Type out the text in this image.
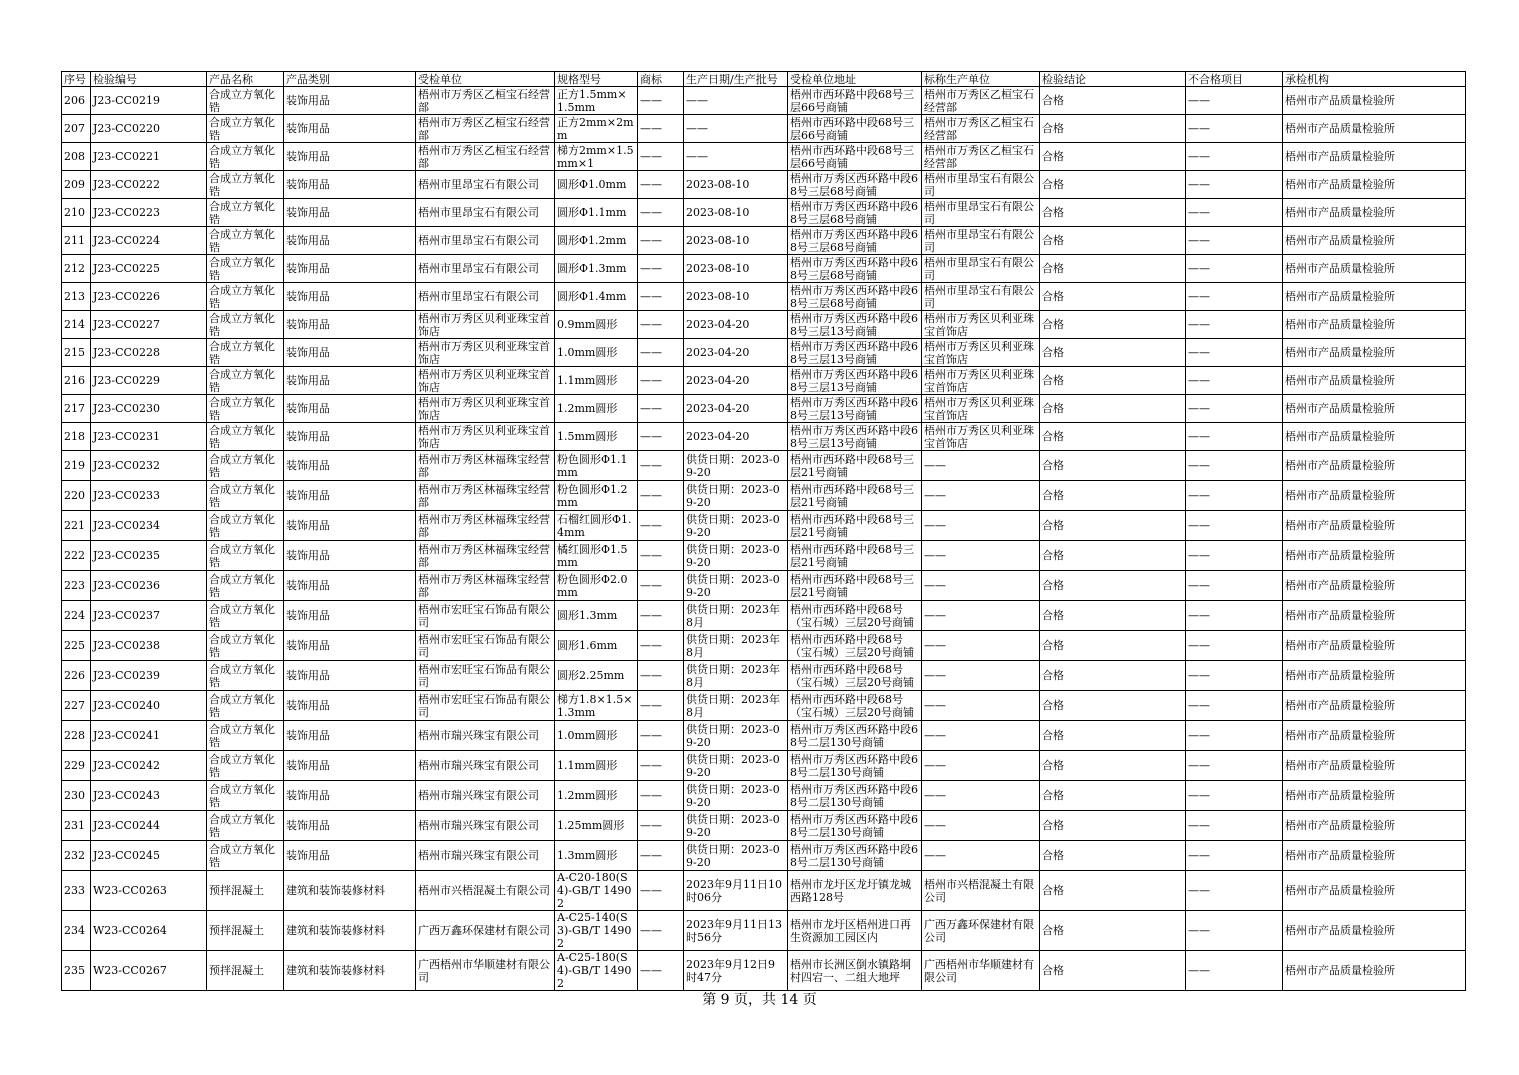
序号	检验编号	产品名称	产品类别	受检单位	规格型号	商标	生产日期/生产批号	受检单位地址	标称生产单位	检验结论	不合格项目	承检机构
206	J23-CC0219	合成立方氧化锆	装饰用品	梧州市万秀区乙桓宝石经营部	正方1.5mm×1.5mm	——	——	梧州市西环路中段68号三层66号商铺	梧州市万秀区乙桓宝石经营部	合格	——	梧州市产品质量检验所
207	J23-CC0220	合成立方氧化锆	装饰用品	梧州市万秀区乙桓宝石经营部	正方2mm×2mm	——	——	梧州市西环路中段68号三层66号商铺	梧州市万秀区乙桓宝石经营部	合格	——	梧州市产品质量检验所
208	J23-CC0221	合成立方氧化锆	装饰用品	梧州市万秀区乙桓宝石经营部	梯方2mm×1.5mm×1	——	——	梧州市西环路中段68号三层66号商铺	梧州市万秀区乙桓宝石经营部	合格	——	梧州市产品质量检验所
209	J23-CC0222	合成立方氧化锆	装饰用品	梧州市里昂宝石有限公司	圆形Φ1.0mm	——	2023-08-10	梧州市万秀区西环路中段68号三层68号商铺	梧州市里昂宝石有限公司	合格	——	梧州市产品质量检验所
210	J23-CC0223	合成立方氧化锆	装饰用品	梧州市里昂宝石有限公司	圆形Φ1.1mm	——	2023-08-10	梧州市万秀区西环路中段68号三层68号商铺	梧州市里昂宝石有限公司	合格	——	梧州市产品质量检验所
211	J23-CC0224	合成立方氧化锆	装饰用品	梧州市里昂宝石有限公司	圆形Φ1.2mm	——	2023-08-10	梧州市万秀区西环路中段68号三层68号商铺	梧州市里昂宝石有限公司	合格	——	梧州市产品质量检验所
212	J23-CC0225	合成立方氧化锆	装饰用品	梧州市里昂宝石有限公司	圆形Φ1.3mm	——	2023-08-10	梧州市万秀区西环路中段68号三层68号商铺	梧州市里昂宝石有限公司	合格	——	梧州市产品质量检验所
213	J23-CC0226	合成立方氧化锆	装饰用品	梧州市里昂宝石有限公司	圆形Φ1.4mm	——	2023-08-10	梧州市万秀区西环路中段68号三层68号商铺	梧州市里昂宝石有限公司	合格	——	梧州市产品质量检验所
214	J23-CC0227	合成立方氧化锆	装饰用品	梧州市万秀区贝利亚珠宝首饰店	0.9mm圆形	——	2023-04-20	梧州市万秀区西环路中段68号三层13号商铺	梧州市万秀区贝利亚珠宝首饰店	合格	——	梧州市产品质量检验所
215	J23-CC0228	合成立方氧化锆	装饰用品	梧州市万秀区贝利亚珠宝首饰店	1.0mm圆形	——	2023-04-20	梧州市万秀区西环路中段68号三层13号商铺	梧州市万秀区贝利亚珠宝首饰店	合格	——	梧州市产品质量检验所
216	J23-CC0229	合成立方氧化锆	装饰用品	梧州市万秀区贝利亚珠宝首饰店	1.1mm圆形	——	2023-04-20	梧州市万秀区西环路中段68号三层13号商铺	梧州市万秀区贝利亚珠宝首饰店	合格	——	梧州市产品质量检验所
217	J23-CC0230	合成立方氧化锆	装饰用品	梧州市万秀区贝利亚珠宝首饰店	1.2mm圆形	——	2023-04-20	梧州市万秀区西环路中段68号三层13号商铺	梧州市万秀区贝利亚珠宝首饰店	合格	——	梧州市产品质量检验所
218	J23-CC0231	合成立方氧化锆	装饰用品	梧州市万秀区贝利亚珠宝首饰店	1.5mm圆形	——	2023-04-20	梧州市万秀区西环路中段68号三层13号商铺	梧州市万秀区贝利亚珠宝首饰店	合格	——	梧州市产品质量检验所
219	J23-CC0232	合成立方氧化锆	装饰用品	梧州市万秀区林福珠宝经营部	粉色圆形Φ1.1mm	——	供货日期：2023-09-20	梧州市西环路中段68号三层21号商铺	——	合格	——	梧州市产品质量检验所
220	J23-CC0233	合成立方氧化锆	装饰用品	梧州市万秀区林福珠宝经营部	粉色圆形Φ1.2mm	——	供货日期：2023-09-20	梧州市西环路中段68号三层21号商铺	——	合格	——	梧州市产品质量检验所
221	J23-CC0234	合成立方氧化锆	装饰用品	梧州市万秀区林福珠宝经营部	石榴红圆形Φ1.4mm	——	供货日期：2023-09-20	梧州市西环路中段68号三层21号商铺	——	合格	——	梧州市产品质量检验所
222	J23-CC0235	合成立方氧化锆	装饰用品	梧州市万秀区林福珠宝经营部	橘红圆形Φ1.5mm	——	供货日期：2023-09-20	梧州市西环路中段68号三层21号商铺	——	合格	——	梧州市产品质量检验所
223	J23-CC0236	合成立方氧化锆	装饰用品	梧州市万秀区林福珠宝经营部	粉色圆形Φ2.0mm	——	供货日期：2023-09-20	梧州市西环路中段68号三层21号商铺	——	合格	——	梧州市产品质量检验所
224	J23-CC0237	合成立方氧化锆	装饰用品	梧州市宏旺宝石饰品有限公司	圆形1.3mm	——	供货日期：2023年8月	梧州市西环路中段68号（宝石城）三层20号商铺	——	合格	——	梧州市产品质量检验所
225	J23-CC0238	合成立方氧化锆	装饰用品	梧州市宏旺宝石饰品有限公司	圆形1.6mm	——	供货日期：2023年8月	梧州市西环路中段68号（宝石城）三层20号商铺	——	合格	——	梧州市产品质量检验所
226	J23-CC0239	合成立方氧化锆	装饰用品	梧州市宏旺宝石饰品有限公司	圆形2.25mm	——	供货日期：2023年8月	梧州市西环路中段68号（宝石城）三层20号商铺	——	合格	——	梧州市产品质量检验所
227	J23-CC0240	合成立方氧化锆	装饰用品	梧州市宏旺宝石饰品有限公司	梯方1.8×1.5×1.3mm	——	供货日期：2023年8月	梧州市西环路中段68号（宝石城）三层20号商铺	——	合格	——	梧州市产品质量检验所
228	J23-CC0241	合成立方氧化锆	装饰用品	梧州市瑞兴珠宝有限公司	1.0mm圆形	——	供货日期：2023-09-20	梧州市万秀区西环路中段68号二层130号商铺	——	合格	——	梧州市产品质量检验所
229	J23-CC0242	合成立方氧化锆	装饰用品	梧州市瑞兴珠宝有限公司	1.1mm圆形	——	供货日期：2023-09-20	梧州市万秀区西环路中段68号二层130号商铺	——	合格	——	梧州市产品质量检验所
230	J23-CC0243	合成立方氧化锆	装饰用品	梧州市瑞兴珠宝有限公司	1.2mm圆形	——	供货日期：2023-09-20	梧州市万秀区西环路中段68号二层130号商铺	——	合格	——	梧州市产品质量检验所
231	J23-CC0244	合成立方氧化锆	装饰用品	梧州市瑞兴珠宝有限公司	1.25mm圆形	——	供货日期：2023-09-20	梧州市万秀区西环路中段68号二层130号商铺	——	合格	——	梧州市产品质量检验所
232	J23-CC0245	合成立方氧化锆	装饰用品	梧州市瑞兴珠宝有限公司	1.3mm圆形	——	供货日期：2023-09-20	梧州市万秀区西环路中段68号二层130号商铺	——	合格	——	梧州市产品质量检验所
233	W23-CC0263	预拌混凝土	建筑和装饰装修材料	梧州市兴梧混凝土有限公司	A-C20-180(S4)-GB/T 14902	——	2023年9月11日10时06分	梧州市龙圩区龙圩镇龙城西路128号	梧州市兴梧混凝土有限公司	合格	——	梧州市产品质量检验所
234	W23-CC0264	预拌混凝土	建筑和装饰装修材料	广西万鑫环保建材有限公司	A-C25-140(S3)-GB/T 14902	——	2023年9月11日13时56分	梧州市龙圩区梧州进口再生资源加工园区内	广西万鑫环保建材有限公司	合格	——	梧州市产品质量检验所
235	W23-CC0267	预拌混凝土	建筑和装饰装修材料	广西梧州市华顺建材有限公司	A-C25-180(S4)-GB/T 14902	——	2023年9月12日9时47分	梧州市长洲区倒水镇路垌村四宕一、二组大地坪	广西梧州市华顺建材有限公司	合格	——	梧州市产品质量检验所
第 9 页，共 14 页
